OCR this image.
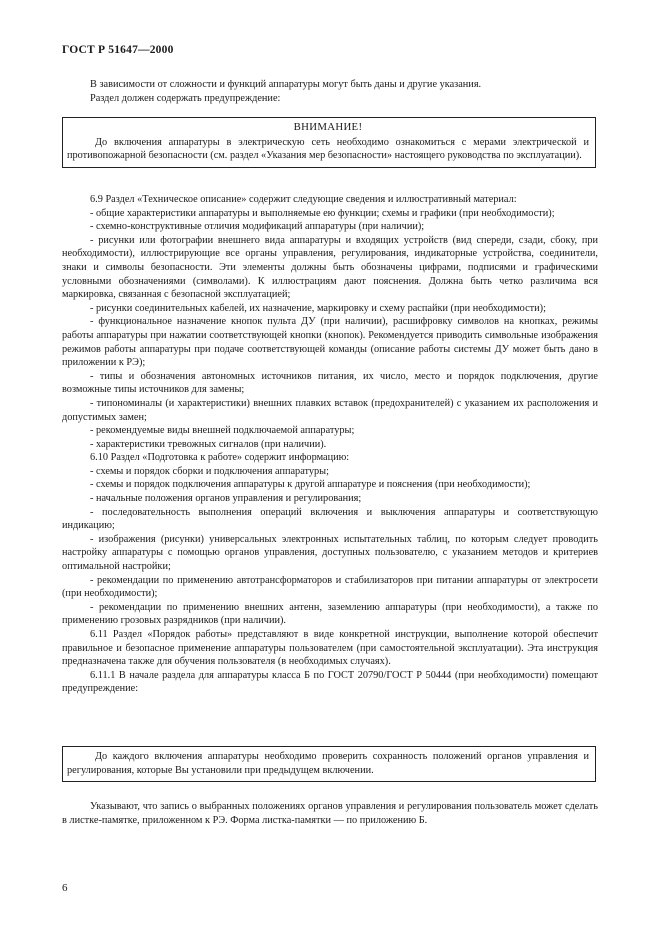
ГОСТ Р 51647—2000

В зависимости от сложности и функций аппаратуры могут быть даны и другие указания.

Раздел должен содержать предупреждение:

ВНИМАНИЕ!

До включения аппаратуры в электрическую сеть необходимо ознакомиться с мерами электрической и противопожарной безопасности (см. раздел «Указания мер безопасности» настоящего руководства по эксплуатации).

6.9 Раздел «Техническое описание» содержит следующие сведения и иллюстративный материал:

- общие характеристики аппаратуры и выполняемые ею функции; схемы и графики (при необходимости);

- схемно-конструктивные отличия модификаций аппаратуры (при наличии);

- рисунки или фотографии внешнего вида аппаратуры и входящих устройств (вид спереди, сзади, сбоку, при необходимости), иллюстрирующие все органы управления, регулирования, индикаторные устройства, соединители, знаки и символы безопасности. Эти элементы должны быть обозначены цифрами, подписями и графическими условными обозначениями (символами). К иллюстрациям дают пояснения. Должна быть четко различима вся маркировка, связанная с безопасной эксплуатацией;

- рисунки соединительных кабелей, их назначение, маркировку и схему распайки (при необходимости);

- функциональное назначение кнопок пульта ДУ (при наличии), расшифровку символов на кнопках, режимы работы аппаратуры при нажатии соответствующей кнопки (кнопок). Рекомендуется приводить символьные изображения режимов работы аппаратуры при подаче соответствующей команды (описание работы системы ДУ может быть дано в приложении к РЭ);

- типы и обозначения автономных источников питания, их число, место и порядок подключения, другие возможные типы источников для замены;

- типономиналы (и характеристики) внешних плавких вставок (предохранителей) с указанием их расположения и допустимых замен;

- рекомендуемые виды внешней подключаемой аппаратуры;

- характеристики тревожных сигналов (при наличии).

6.10 Раздел «Подготовка к работе» содержит информацию:

- схемы и порядок сборки и подключения аппаратуры;

- схемы и порядок подключения аппаратуры к другой аппаратуре и пояснения (при необходимости);

- начальные положения органов управления и регулирования;

- последовательность выполнения операций включения и выключения аппаратуры и соответствующую индикацию;

- изображения (рисунки) универсальных электронных испытательных таблиц, по которым следует проводить настройку аппаратуры с помощью органов управления, доступных пользователю, с указанием методов и критериев оптимальной настройки;

- рекомендации по применению автотрансформаторов и стабилизаторов при питании аппаратуры от электросети (при необходимости);

- рекомендации по применению внешних антенн, заземлению аппаратуры (при необходимости), а также по применению грозовых разрядников (при наличии).

6.11 Раздел «Порядок работы» представляют в виде конкретной инструкции, выполнение которой обеспечит правильное и безопасное применение аппаратуры пользователем (при самостоятельной эксплуатации). Эта инструкция предназначена также для обучения пользователя (в необходимых случаях).

6.11.1 В начале раздела для аппаратуры класса Б по ГОСТ 20790/ГОСТ Р 50444 (при необходимости) помещают предупреждение:

До каждого включения аппаратуры необходимо проверить сохранность положений органов управления и регулирования, которые Вы установили при предыдущем включении.

Указывают, что запись о выбранных положениях органов управления и регулирования пользователь может сделать в листке-памятке, приложенном к РЭ. Форма листка-памятки — по приложению Б.

6
